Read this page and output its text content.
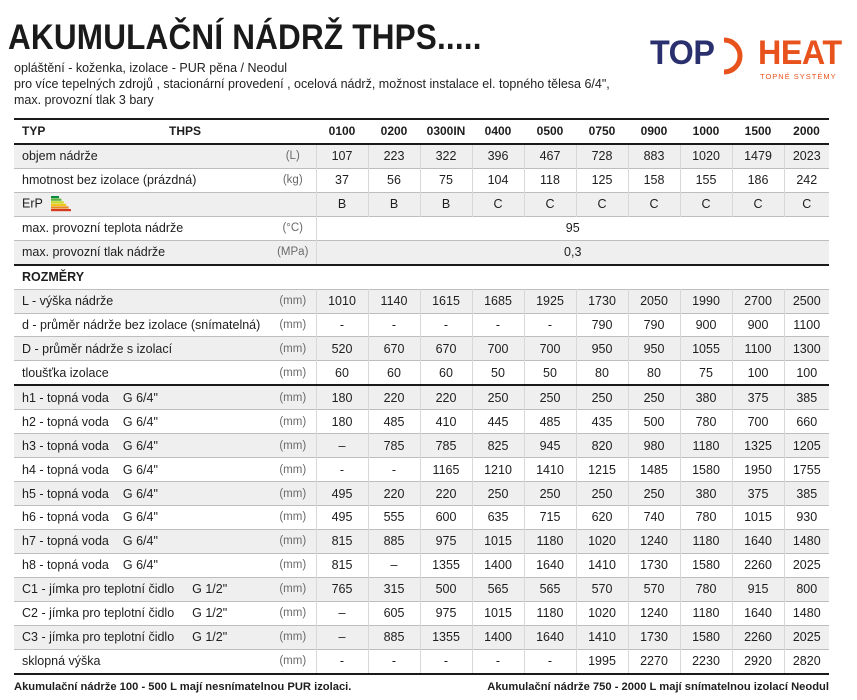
AKUMULAČNÍ NÁDRŽ THPS.....
opláštění - koženka, izolace - PUR pěna / Neodul
pro více tepelných zdrojů , stacionární provedení , ocelová nádrž, možnost instalace el. topného tělesa 6/4",
max. provozní tlak 3 bary
TOP HEAT
TOPNÉ SYSTÉMY
TYP THPS		0100	0200	0300IN	0400	0500	0750	0900	1000	1500	2000
objem nádrže	(L)	107	223	322	396	467	728	883	1020	1479	2023
hmotnost bez izolace (prázdná)	(kg)	37	56	75	104	118	125	158	155	186	242
ErP		B	B	B	C	C	C	C	C	C	C
max. provozní teplota nádrže	(°C)	95									
max. provozní tlak nádrže	(MPa)	0,3									
ROZMĚRY											
L - výška nádrže	(mm)	1010	1140	1615	1685	1925	1730	2050	1990	2700	2500
d - průměr nádrže bez izolace (snímatelná)	(mm)	-	-	-	-	-	790	790	900	900	1100
D - průměr nádrže s izolací	(mm)	520	670	670	700	700	950	950	1055	1100	1300
tloušťka izolace	(mm)	60	60	60	50	50	80	80	75	100	100
h1 - topná voda G 6/4"	(mm)	180	220	220	250	250	250	250	380	375	385
h2 - topná voda G 6/4"	(mm)	180	485	410	445	485	435	500	780	700	660
h3 - topná voda G 6/4"	(mm)	–	785	785	825	945	820	980	1180	1325	1205
h4 - topná voda G 6/4"	(mm)	-	-	1165	1210	1410	1215	1485	1580	1950	1755
h5 - topná voda G 6/4"	(mm)	495	220	220	250	250	250	250	380	375	385
h6 - topná voda G 6/4"	(mm)	495	555	600	635	715	620	740	780	1015	930
h7 - topná voda G 6/4"	(mm)	815	885	975	1015	1180	1020	1240	1180	1640	1480
h8 - topná voda G 6/4"	(mm)	815	–	1355	1400	1640	1410	1730	1580	2260	2025
C1 - jímka pro teplotní čidlo G 1/2"	(mm)	765	315	500	565	565	570	570	780	915	800
C2 - jímka pro teplotní čidlo G 1/2"	(mm)	–	605	975	1015	1180	1020	1240	1180	1640	1480
C3 - jímka pro teplotní čidlo G 1/2"	(mm)	–	885	1355	1400	1640	1410	1730	1580	2260	2025
sklopná výška	(mm)	-	-	-	-	-	1995	2270	2230	2920	2820
Akumulační nádrže 100 - 500 L mají nesnímatelnou PUR izolaci.	Akumulační nádrže 750 - 2000 L mají snímatelnou izolací Neodul
